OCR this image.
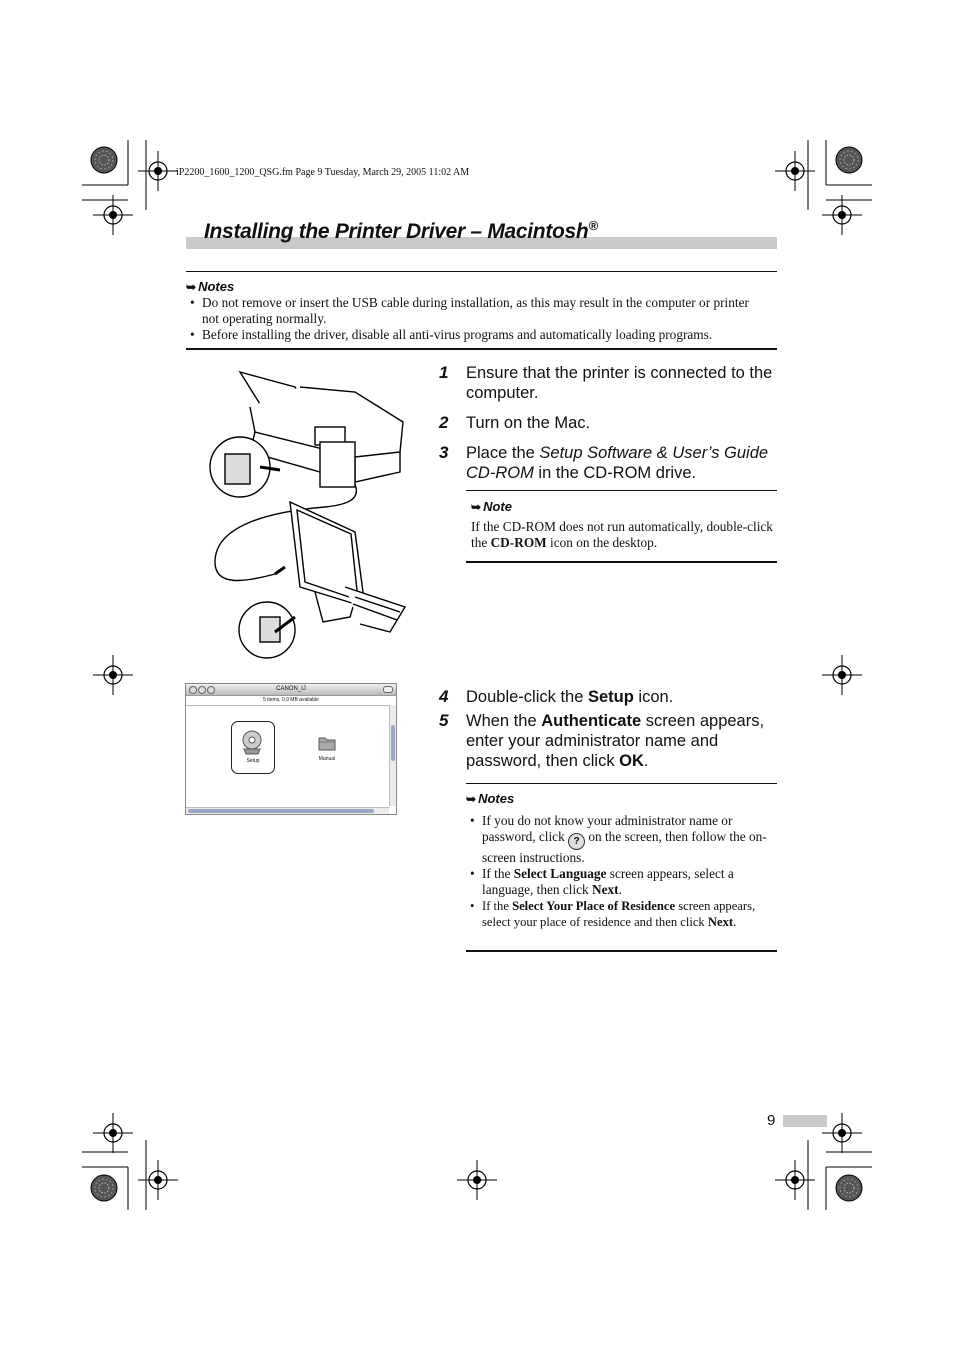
iP2200_1600_1200_QSG.fm Page 9 Tuesday, March 29, 2005 11:02 AM
Installing the Printer Driver – Macintosh®
➥ Notes
• Do not remove or insert the USB cable during installation, as this may result in the computer or printer not operating normally.
• Before installing the driver, disable all anti-virus programs and automatically loading programs.
1 Ensure that the printer is connected to the computer.
2 Turn on the Mac.
3 Place the Setup Software & User’s Guide CD-ROM in the CD-ROM drive.
➥ Note
If the CD-ROM does not run automatically, double-click the CD-ROM icon on the desktop.
CANON_IJ
5 items, 0.9 MB available
Setup	Manual
4 Double-click the Setup icon.
5 When the Authenticate screen appears, enter your administrator name and password, then click OK.
➥ Notes
• If you do not know your administrator name or password, click ? on the screen, then follow the on-screen instructions.
• If the Select Language screen appears, select a language, then click Next.
• If the Select Your Place of Residence screen appears, select your place of residence and then click Next.
9
